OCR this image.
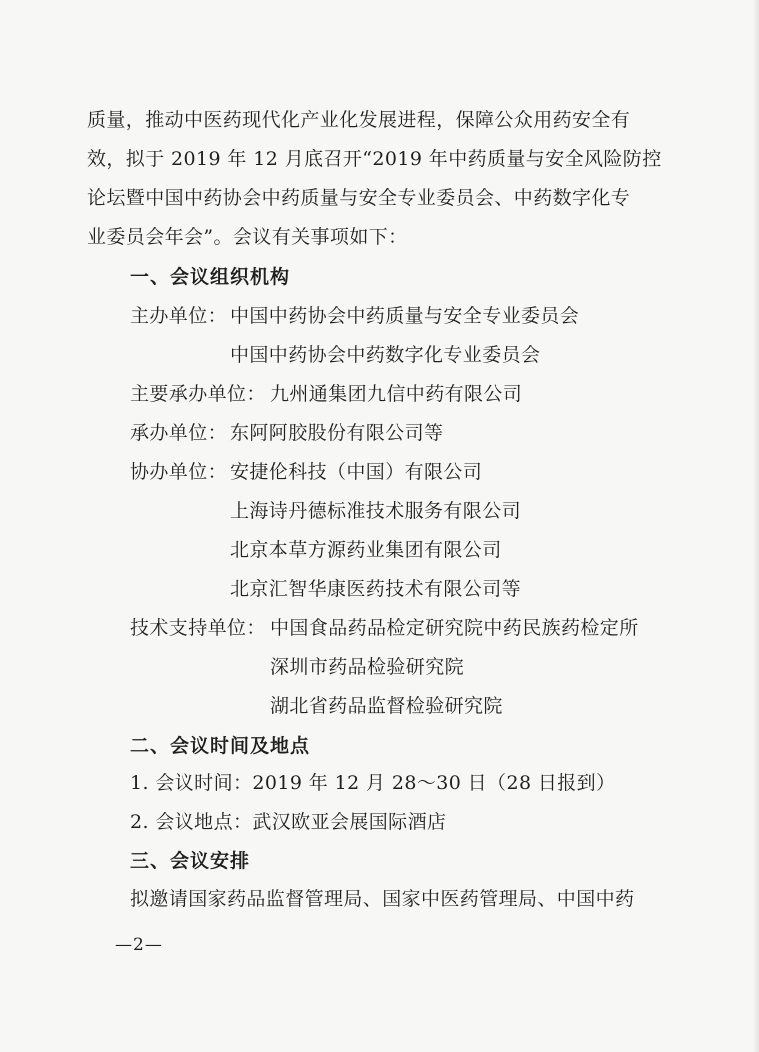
质量，推动中医药现代化产业化发展进程，保障公众用药安全有
效，拟于 2019 年 12 月底召开“2019 年中药质量与安全风险防控
论坛暨中国中药协会中药质量与安全专业委员会、中药数字化专
业委员会年会”。会议有关事项如下：
一、会议组织机构
主办单位： 中国中药协会中药质量与安全专业委员会
中国中药协会中药数字化专业委员会
主要承办单位： 九州通集团九信中药有限公司
承办单位： 东阿阿胶股份有限公司等
协办单位： 安捷伦科技（中国）有限公司
上海诗丹德标准技术服务有限公司
北京本草方源药业集团有限公司
北京汇智华康医药技术有限公司等
技术支持单位： 中国食品药品检定研究院中药民族药检定所
深圳市药品检验研究院
湖北省药品监督检验研究院
二、会议时间及地点
1. 会议时间：2019 年 12 月 28～30 日（28 日报到）
2. 会议地点：武汉欧亚会展国际酒店
三、会议安排
拟邀请国家药品监督管理局、国家中医药管理局、中国中药
—2—
